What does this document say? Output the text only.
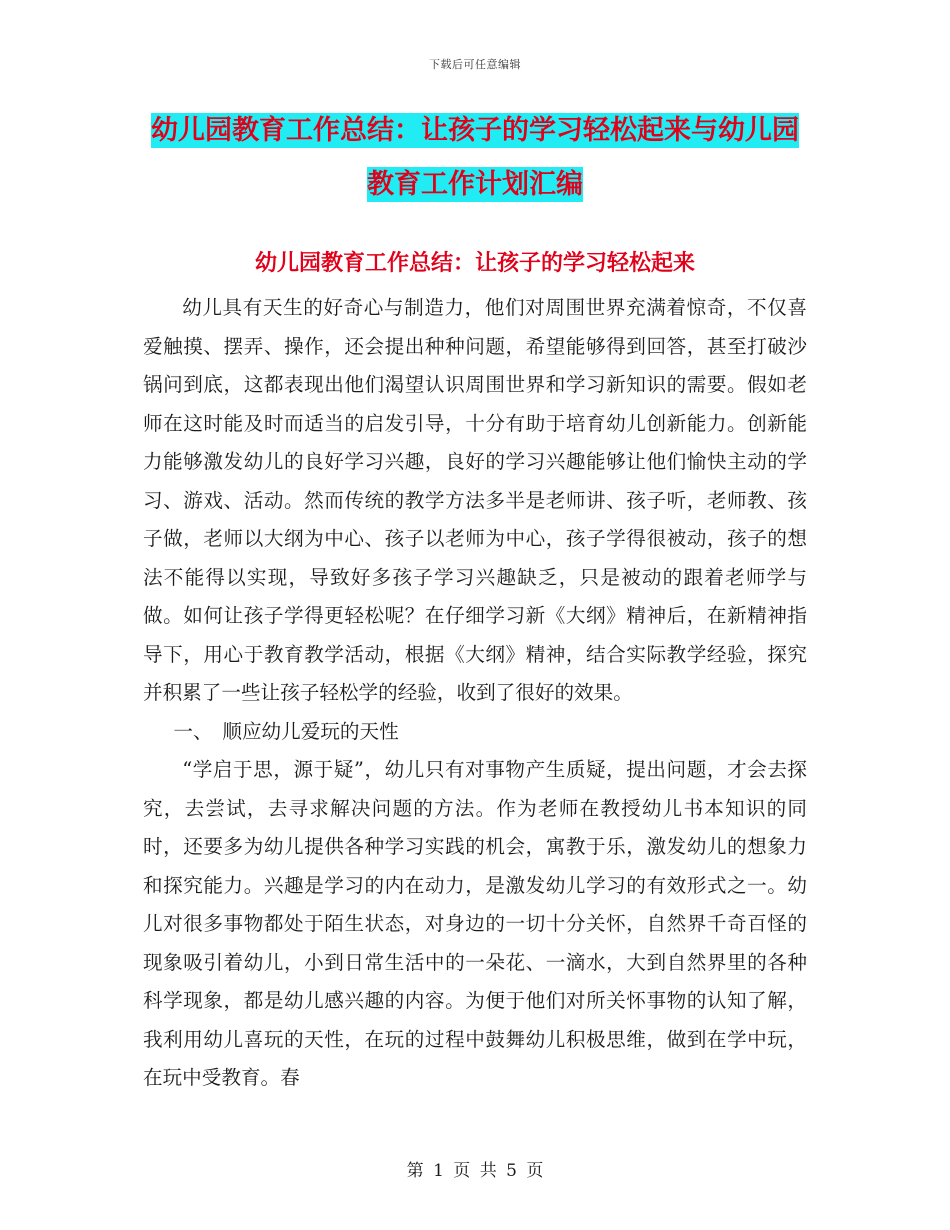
下载后可任意编辑
幼儿园教育工作总结：让孩子的学习轻松起来与幼儿园教育工作计划汇编
幼儿园教育工作总结：让孩子的学习轻松起来

幼儿具有天生的好奇心与制造力，他们对周围世界充满着惊奇，不仅喜爱触摸、摆弄、操作，还会提出种种问题，希望能够得到回答，甚至打破沙锅问到底，这都表现出他们渴望认识周围世界和学习新知识的需要。假如老师在这时能及时而适当的启发引导，十分有助于培育幼儿创新能力。创新能力能够激发幼儿的良好学习兴趣，良好的学习兴趣能够让他们愉快主动的学习、游戏、活动。然而传统的教学方法多半是老师讲、孩子听，老师教、孩子做，老师以大纲为中心、孩子以老师为中心，孩子学得很被动，孩子的想法不能得以实现，导致好多孩子学习兴趣缺乏，只是被动的跟着老师学与做。如何让孩子学得更轻松呢？在仔细学习新《大纲》精神后，在新精神指导下，用心于教育教学活动，根据《大纲》精神，结合实际教学经验，探究并积累了一些让孩子轻松学的经验，收到了很好的效果。

一、　顺应幼儿爱玩的天性

“学启于思，源于疑”，幼儿只有对事物产生质疑，提出问题，才会去探究，去尝试，去寻求解决问题的方法。作为老师在教授幼儿书本知识的同时，还要多为幼儿提供各种学习实践的机会，寓教于乐，激发幼儿的想象力和探究能力。兴趣是学习的内在动力，是激发幼儿学习的有效形式之一。幼儿对很多事物都处于陌生状态，对身边的一切十分关怀，自然界千奇百怪的现象吸引着幼儿，小到日常生活中的一朵花、一滴水，大到自然界里的各种科学现象，都是幼儿感兴趣的内容。为便于他们对所关怀事物的认知了解，我利用幼儿喜玩的天性，在玩的过程中鼓舞幼儿积极思维，做到在学中玩，在玩中受教育。春

第 1 页 共 5 页
